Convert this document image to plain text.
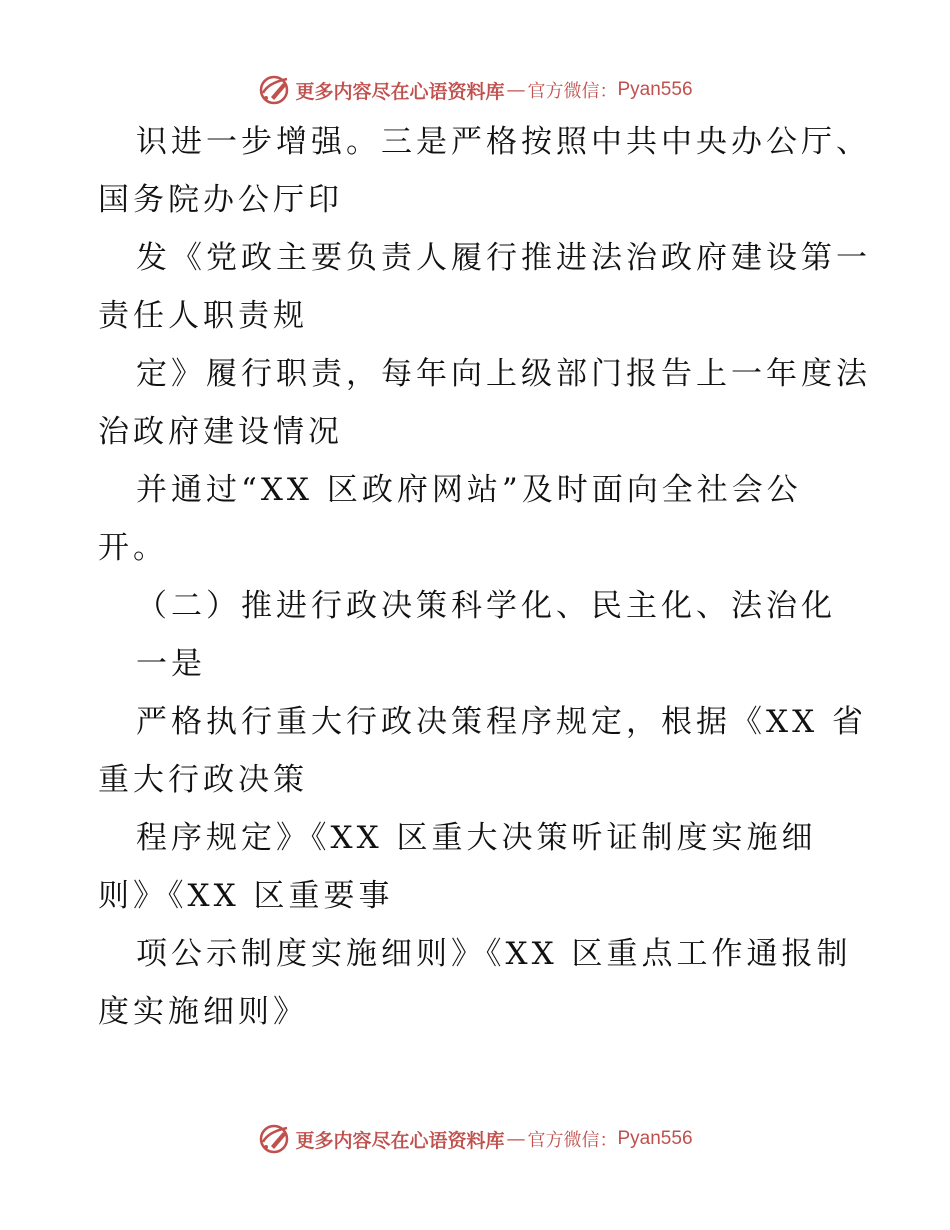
更多内容尽在心语资料库 — 官方微信： Pyan556
识进一步增强。三是严格按照中共中央办公厅、
国务院办公厅印
发《党政主要负责人履行推进法治政府建设第一
责任人职责规
定》履行职责，每年向上级部门报告上一年度法
治政府建设情况
并通过“XX 区政府网站”及时面向全社会公
开。
（二）推进行政决策科学化、民主化、法治化
一是
严格执行重大行政决策程序规定，根据《XX 省
重大行政决策
程序规定》《XX 区重大决策听证制度实施细
则》《XX 区重要事
项公示制度实施细则》《XX 区重点工作通报制
度实施细则》
更多内容尽在心语资料库 — 官方微信： Pyan556
